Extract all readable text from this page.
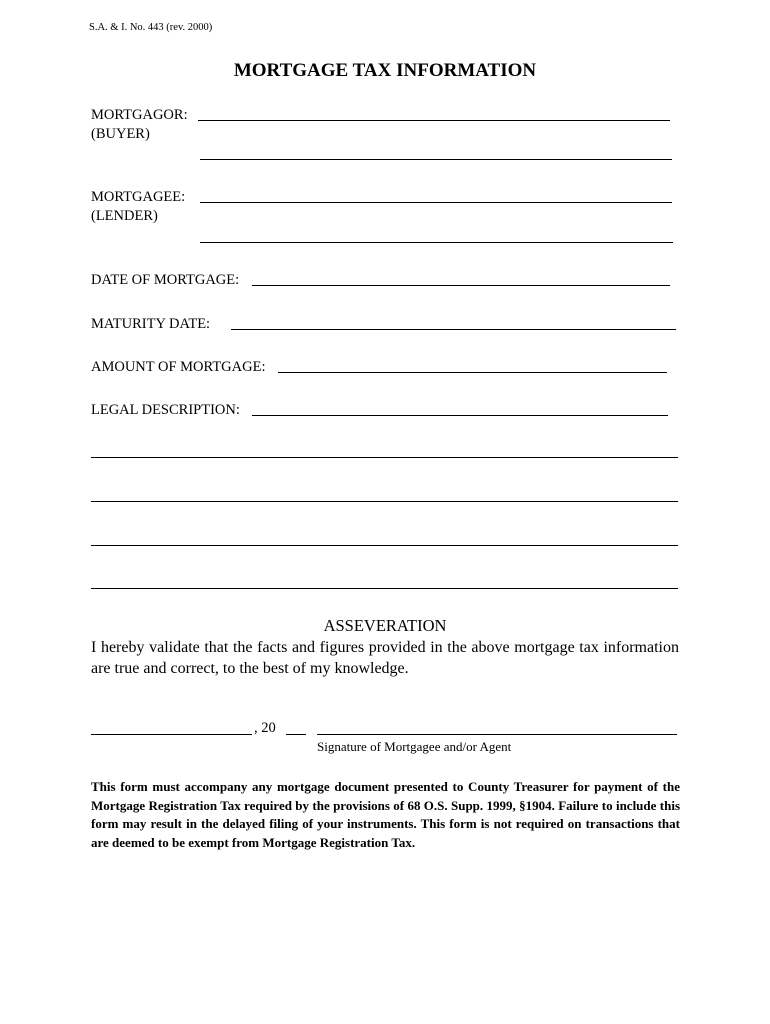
S.A. & I. No. 443 (rev. 2000)
MORTGAGE TAX INFORMATION
MORTGAGOR:
(BUYER)
MORTGAGEE:
(LENDER)
DATE OF MORTGAGE:
MATURITY DATE:
AMOUNT OF MORTGAGE:
LEGAL DESCRIPTION:
ASSEVERATION
I hereby validate that the facts and figures provided in the above mortgage tax information are true and correct, to the best of my knowledge.
, 20
Signature of Mortgagee and/or Agent
This form must accompany any mortgage document presented to County Treasurer for payment of the Mortgage Registration Tax required by the provisions of 68 O.S. Supp. 1999, §1904. Failure to include this form may result in the delayed filing of your instruments. This form is not required on transactions that are deemed to be exempt from Mortgage Registration Tax.
